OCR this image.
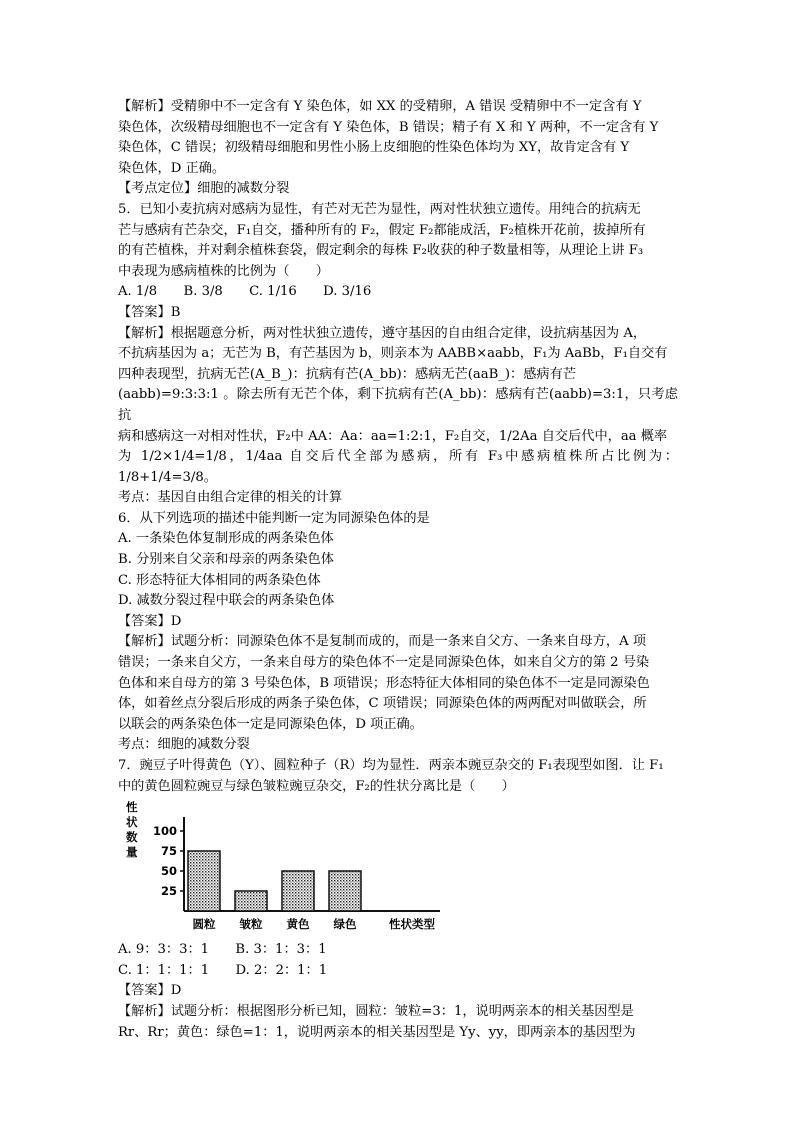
【解析】受精卵中不一定含有 Y 染色体，如 XX 的受精卵，A 错误 受精卵中不一定含有 Y

染色体，次级精母细胞也不一定含有 Y 染色体，B 错误；精子有 X 和 Y 两种，不一定含有 Y

染色体，C 错误；初级精母细胞和男性小肠上皮细胞的性染色体均为 XY，故肯定含有 Y

染色体，D 正确。

【考点定位】细胞的减数分裂

5．已知小麦抗病对感病为显性，有芒对无芒为显性，两对性状独立遗传。用纯合的抗病无

芒与感病有芒杂交，F₁自交，播种所有的 F₂，假定 F₂都能成活，F₂植株开花前，拔掉所有

的有芒植株，并对剩余植株套袋，假定剩余的每株 F₂收获的种子数量相等，从理论上讲 F₃

中表现为感病植株的比例为（　　）

A. 1/8　　B. 3/8　　C. 1/16　　D. 3/16

【答案】B

【解析】根据题意分析，两对性状独立遗传，遵守基因的自由组合定律，设抗病基因为 A，

不抗病基因为 a；无芒为 B，有芒基因为 b，则亲本为 AABB×aabb，F₁为 AaBb，F₁自交有

四种表现型，抗病无芒(A_B_)：抗病有芒(A_bb)：感病无芒(aaB_)：感病有芒

(aabb)=9:3:3:1 。除去所有无芒个体，剩下抗病有芒(A_bb)：感病有芒(aabb)=3:1，只考虑抗

病和感病这一对相对性状，F₂中 AA：Aa：aa=1:2:1，F₂自交，1/2Aa 自交后代中，aa 概率

为 1/2×1/4=1/8，1/4aa 自交后代全部为感病，所有 F₃中感病植株所占比例为：1/8+1/4=3/8。

考点：基因自由组合定律的相关的计算

6．从下列选项的描述中能判断一定为同源染色体的是

A. 一条染色体复制形成的两条染色体

B. 分别来自父亲和母亲的两条染色体

C. 形态特征大体相同的两条染色体

D. 减数分裂过程中联会的两条染色体

【答案】D

【解析】试题分析：同源染色体不是复制而成的，而是一条来自父方、一条来自母方，A 项

错误；一条来自父方，一条来自母方的染色体不一定是同源染色体，如来自父方的第 2 号染

色体和来自母方的第 3 号染色体，B 项错误；形态特征大体相同的染色体不一定是同源染色

体，如着丝点分裂后形成的两条子染色体，C 项错误；同源染色体的两两配对叫做联会，所

以联会的两条染色体一定是同源染色体，D 项正确。

考点：细胞的减数分裂

7．豌豆子叶得黄色（Y）、圆粒种子（R）均为显性．两亲本豌豆杂交的 F₁表现型如图．让 F₁

中的黄色圆粒豌豆与绿色皱粒豌豆杂交，F₂的性状分离比是（　　）

性
状
数
量
100
75
50
25
圆粒 皱粒 黄色 绿色	性状类型

A. 9：3：3：1　　B. 3：1：3：1

C. 1：1：1：1　　D. 2：2：1：1

【答案】D

【解析】试题分析：根据图形分析已知，圆粒：皱粒=3：1，说明两亲本的相关基因型是

Rr、Rr；黄色：绿色=1：1，说明两亲本的相关基因型是 Yy、yy，即两亲本的基因型为
